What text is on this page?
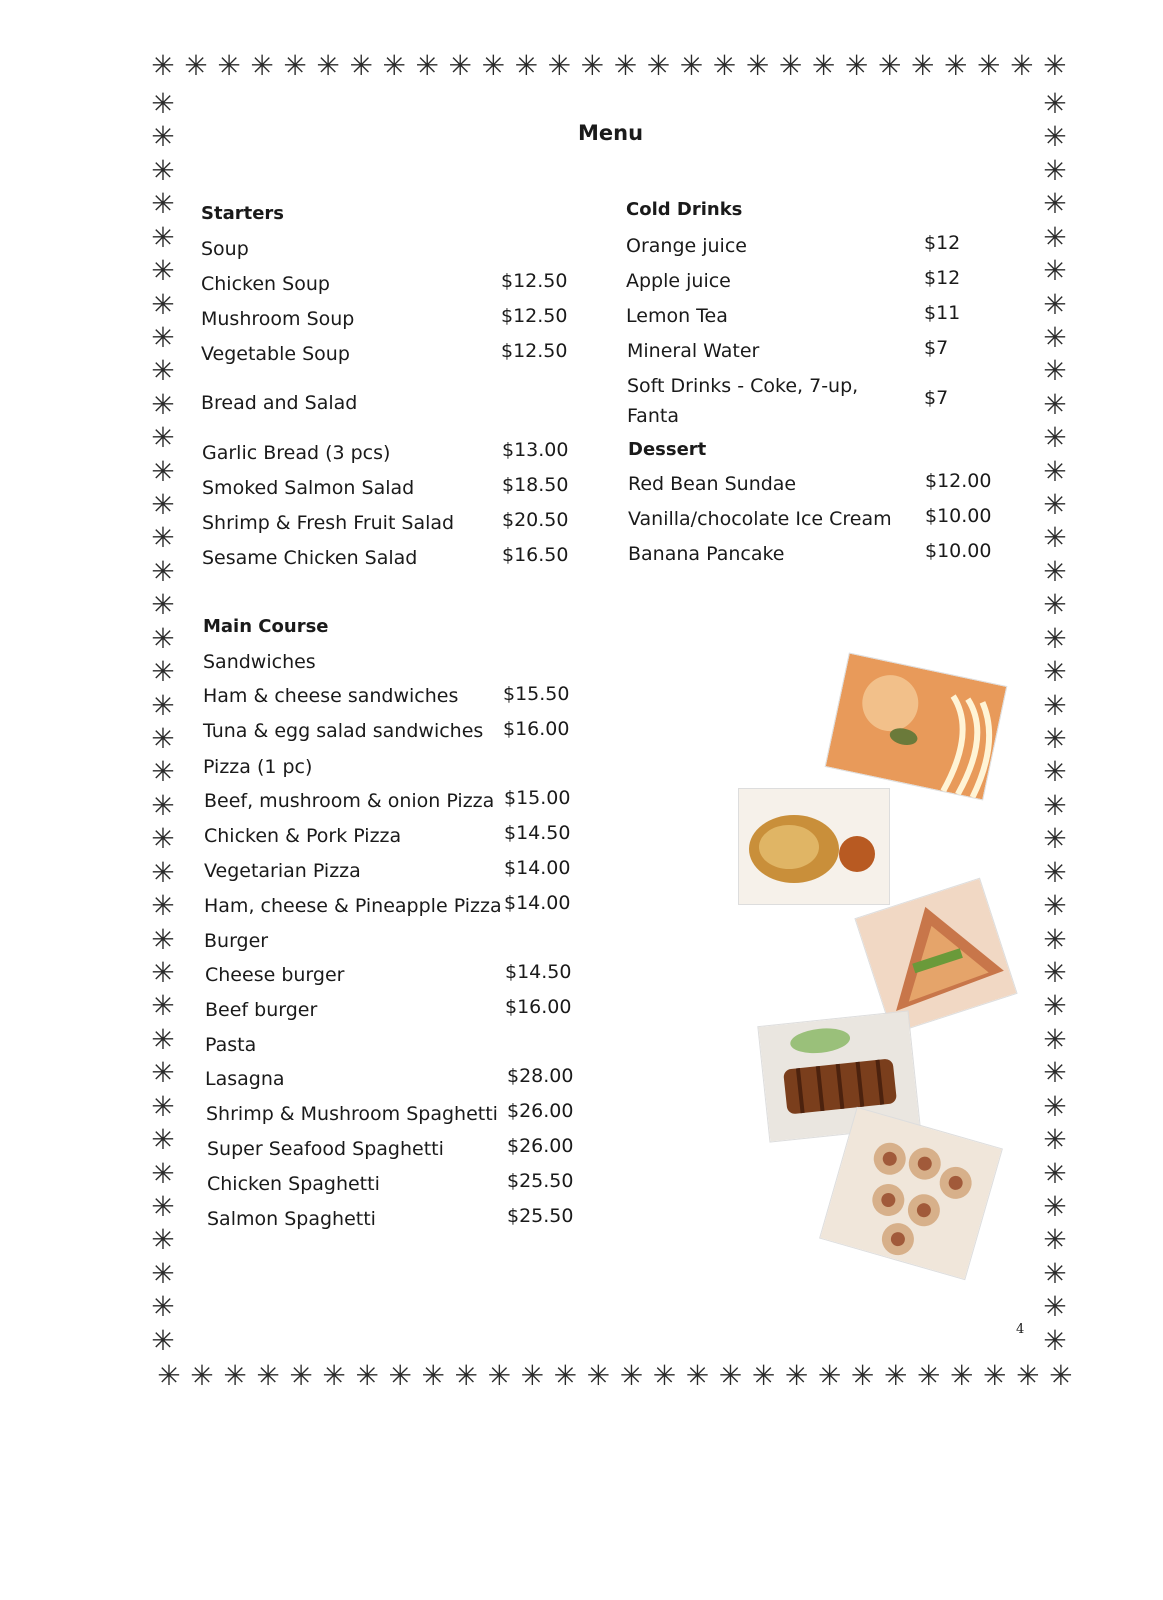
✳ ✳ ✳ ✳ ✳ ✳ ✳ ✳ ✳ ✳ ✳ ✳ ✳ ✳ ✳ ✳ ✳ ✳ ✳ ✳ ✳ ✳ ✳ ✳ ✳ ✳ ✳ ✳
✳ ✳ ✳ ✳ ✳ ✳ ✳ ✳ ✳ ✳ ✳ ✳ ✳ ✳ ✳ ✳ ✳ ✳ ✳ ✳ ✳ ✳ ✳ ✳ ✳ ✳ ✳ ✳
✳
✳
✳
✳
✳
✳
✳
✳
✳
✳
✳
✳
✳
✳
✳
✳
✳
✳
✳
✳
✳
✳
✳
✳
✳
✳
✳
✳
✳
✳
✳
✳
✳
✳
✳
✳
✳
✳
✳
✳
✳
✳
✳
✳
✳
✳
✳
✳
✳
✳
✳
✳
✳
✳
✳
✳
✳
✳
✳
✳
✳
✳
✳
✳
✳
✳
✳
✳
✳
✳
✳
✳
✳
✳
✳
✳
Menu
Starters
Soup
Chicken Soup	$12.50
Mushroom Soup	$12.50
Vegetable Soup	$12.50
Bread and Salad
Garlic Bread (3 pcs)	$13.00
Smoked Salmon Salad	$18.50
Shrimp & Fresh Fruit Salad	$20.50
Sesame Chicken Salad	$16.50
Main Course
Sandwiches
Ham & cheese sandwiches $15.50
Tuna & egg salad sandwiches $16.00
Pizza (1 pc)
Beef, mushroom & onion Pizza $15.00
Chicken & Pork Pizza	$14.50
Vegetarian Pizza	$14.00
Ham, cheese & Pineapple Pizza $14.00
Burger
Cheese burger	$14.50
Beef burger	$16.00
Pasta
Lasagna	$28.00
Shrimp & Mushroom Spaghetti $26.00
Super Seafood Spaghetti	$26.00
Chicken Spaghetti	$25.50
Salmon Spaghetti	$25.50
Cold Drinks
Orange juice	$12
Apple juice	$12
Lemon Tea	$11
Mineral Water	$7
Soft Drinks - Coke, 7-up,
Fanta
$7
Dessert
Red Bean Sundae	$12.00
Vanilla/chocolate Ice Cream $10.00
Banana Pancake	$10.00
4
